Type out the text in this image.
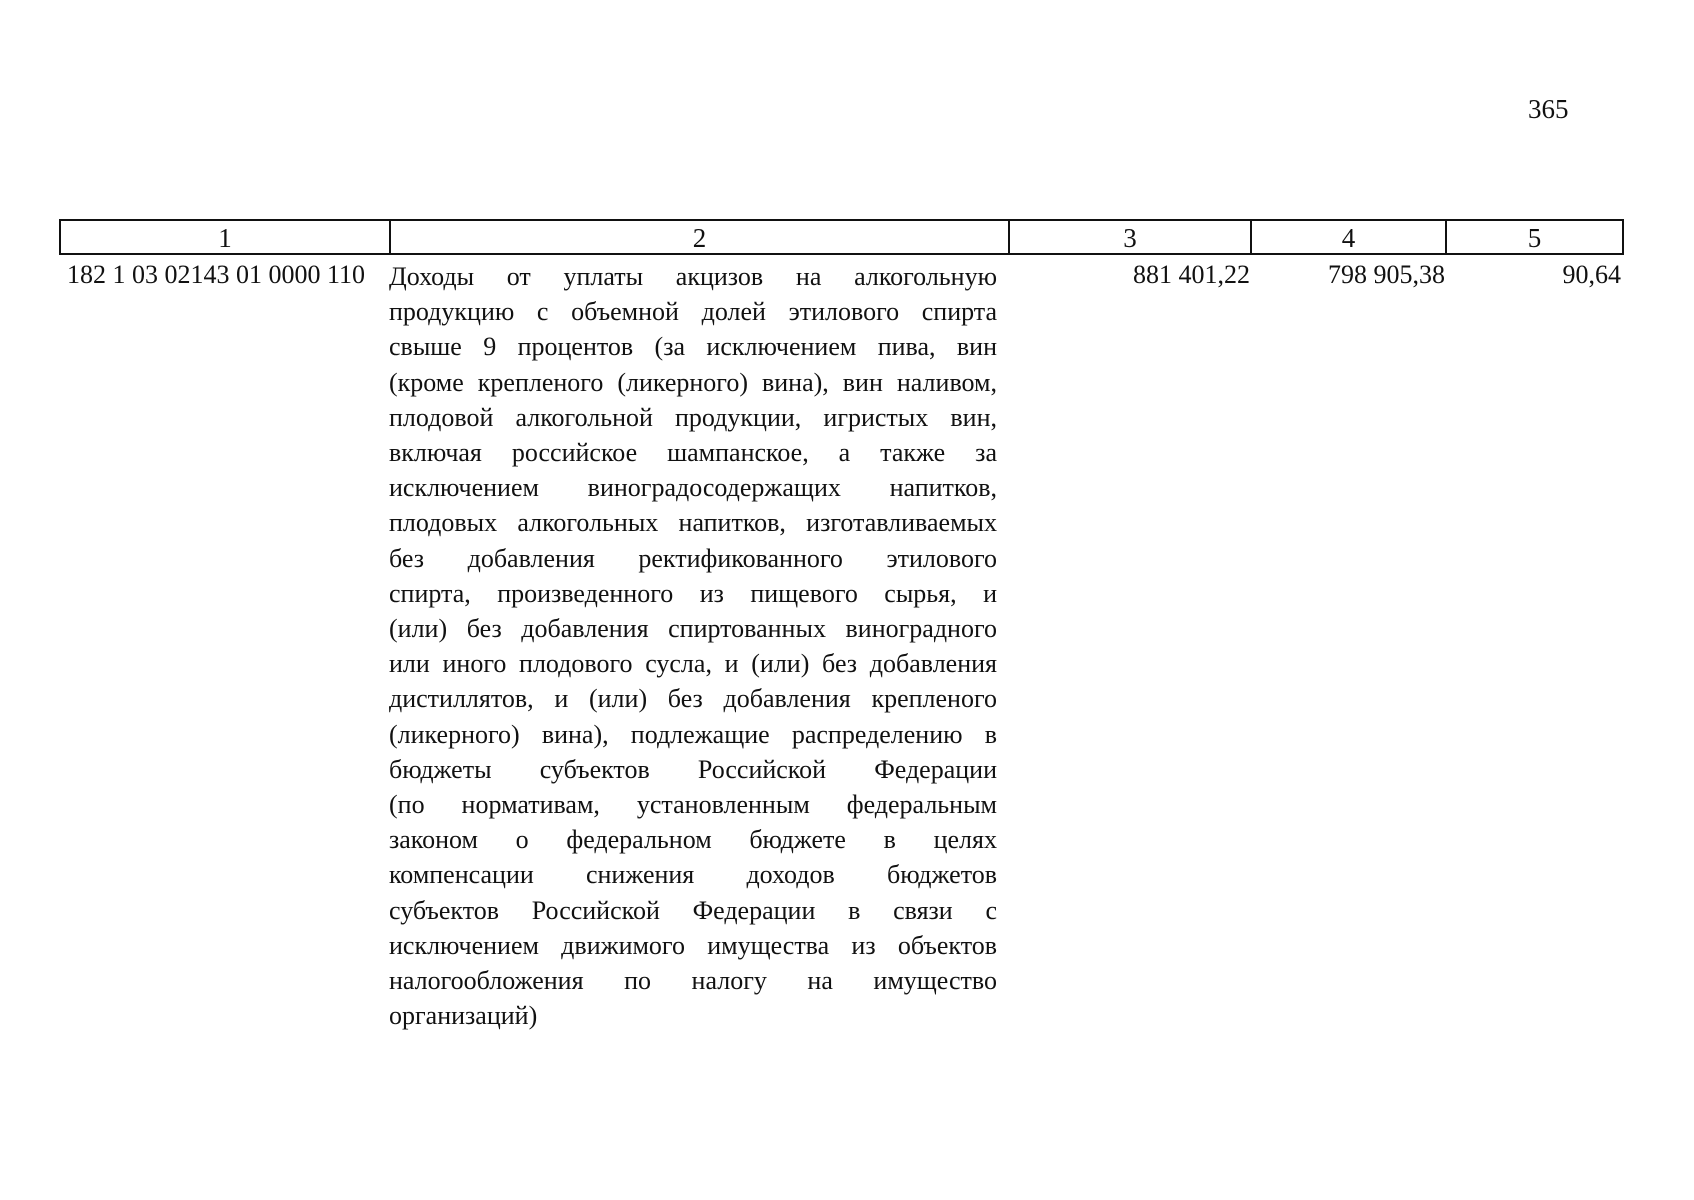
365
1	2	3	4	5
182 1 03 02143 01 0000 110 Доходы от уплаты акцизов на алкогольную
продукцию с объемной долей этилового спирта
свыше 9 процентов (за исключением пива, вин
(кроме крепленого (ликерного) вина), вин наливом,
плодовой алкогольной продукции, игристых вин,
включая российское шампанское, а также за
исключением виноградосодержащих напитков,
плодовых алкогольных напитков, изготавливаемых
без добавления ректификованного этилового
спирта, произведенного из пищевого сырья, и
(или) без добавления спиртованных виноградного
или иного плодового сусла, и (или) без добавления
дистиллятов, и (или) без добавления крепленого
(ликерного) вина), подлежащие распределению в
бюджеты субъектов Российской Федерации
(по нормативам, установленным федеральным
законом о федеральном бюджете в целях
компенсации снижения доходов бюджетов
субъектов Российской Федерации в связи с
исключением движимого имущества из объектов
налогообложения по налогу на имущество
организаций)
881 401,22	798 905,38	90,64
